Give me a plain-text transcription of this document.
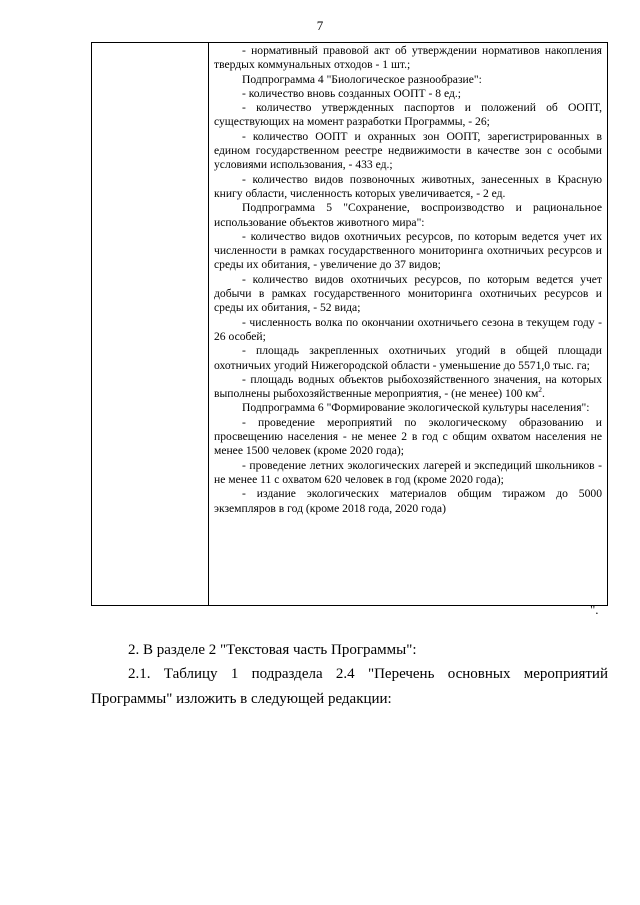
7

- нормативный правовой акт об утверждении нормативов накопления твердых коммунальных отходов - 1 шт.;

Подпрограмма 4 "Биологическое разнообразие":

- количество вновь созданных ООПТ - 8 ед.;

- количество утвержденных паспортов и положений об ООПТ, существующих на момент разработки Программы, - 26;

- количество ООПТ и охранных зон ООПТ, зарегистрированных в едином государственном реестре недвижимости в качестве зон с особыми условиями использования, - 433 ед.;

- количество видов позвоночных животных, занесенных в Красную книгу области, численность которых увеличивается, - 2 ед.

Подпрограмма 5 "Сохранение, воспроизводство и рациональное использование объектов животного мира":

- количество видов охотничьих ресурсов, по которым ведется учет их численности в рамках государственного мониторинга охотничьих ресурсов и среды их обитания, - увеличение до 37 видов;

- количество видов охотничьих ресурсов, по которым ведется учет добычи в рамках государственного мониторинга охотничьих ресурсов и среды их обитания, - 52 вида;

- численность волка по окончании охотничьего сезона в текущем году - 26 особей;

- площадь закрепленных охотничьих угодий в общей площади охотничьих угодий Нижегородской области - уменьшение до 5571,0 тыс. га;

- площадь водных объектов рыбохозяйственного значения, на которых выполнены рыбохозяйственные мероприятия, - (не менее) 100 $км^2$.

Подпрограмма 6 "Формирование экологической культуры населения":

- проведение мероприятий по экологическому образованию и просвещению населения - не менее 2 в год с общим охватом населения не менее 1500 человек (кроме 2020 года);

- проведение летних экологических лагерей и экспедиций школьников - не менее 11 с охватом 620 человек в год (кроме 2020 года);

- издание экологических материалов общим тиражом до 5000 экземпляров в год (кроме 2018 года, 2020 года)

".

2. В разделе 2 "Текстовая часть Программы":

2.1. Таблицу 1 подраздела 2.4 "Перечень основных мероприятий Программы" изложить в следующей редакции:
